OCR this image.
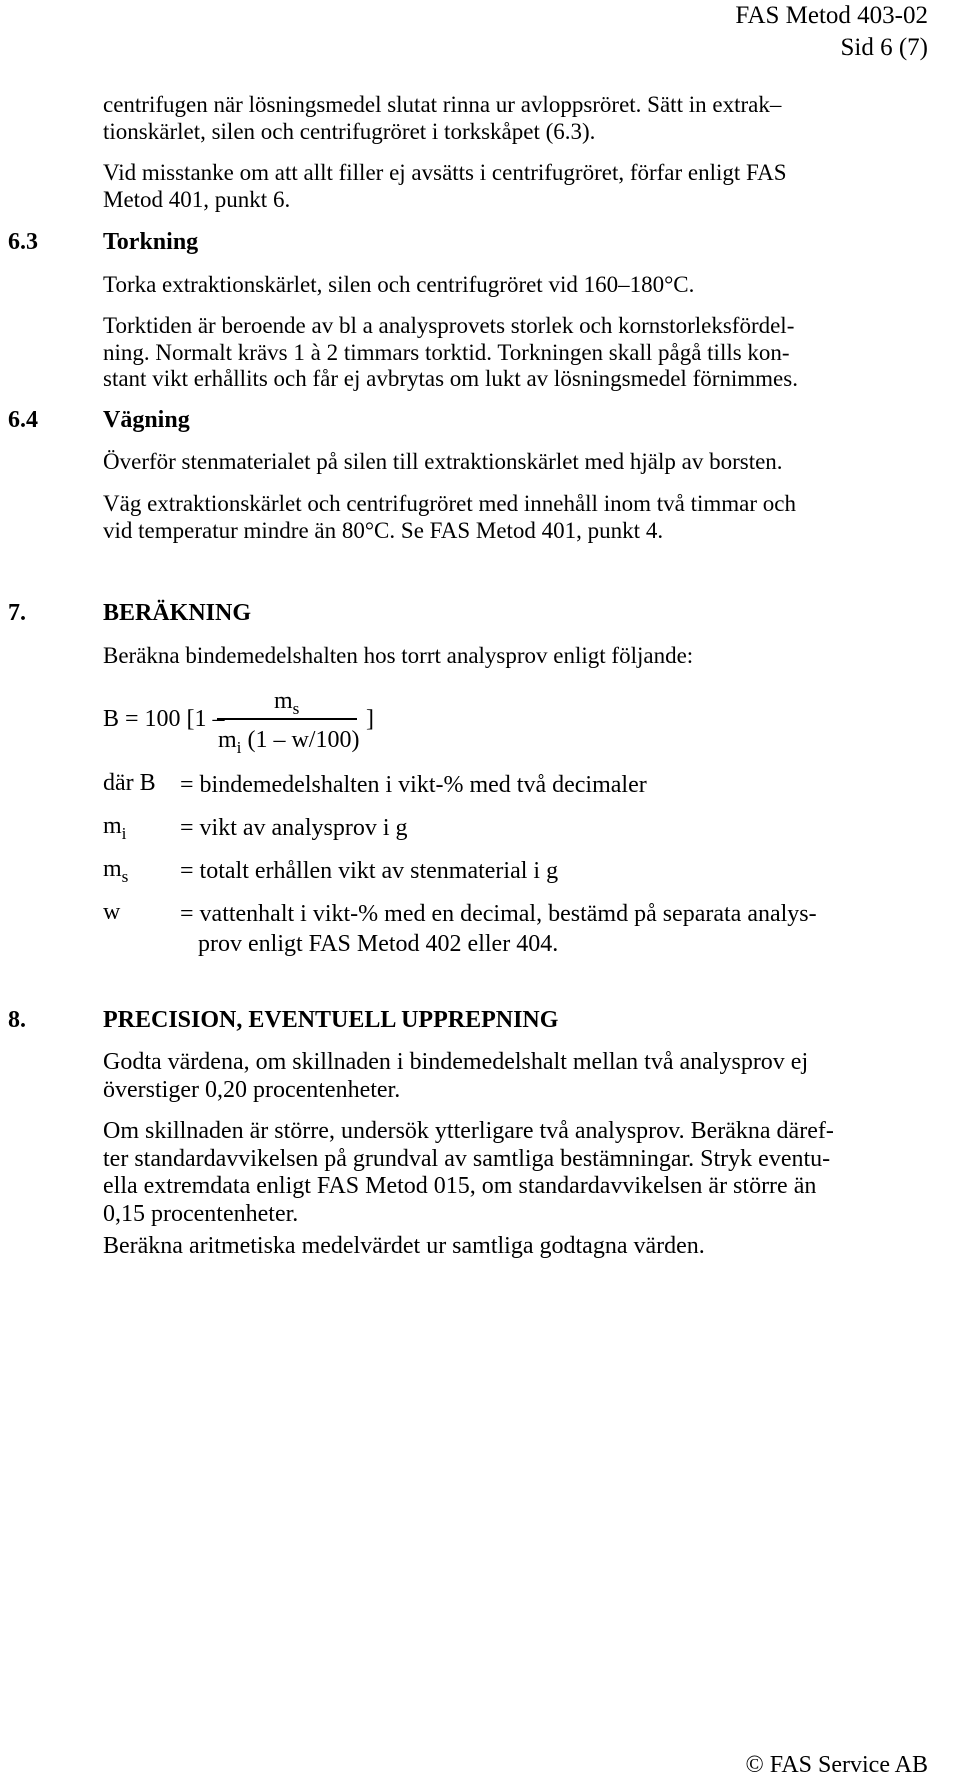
FAS Metod 403-02
Sid 6 (7)
centrifugen när lösningsmedel slutat rinna ur avloppsröret. Sätt in extrak–
tionskärlet, silen och centrifugröret i torkskåpet (6.3).
Vid misstanke om att allt filler ej avsätts i centrifugröret, förfar enligt FAS
Metod 401, punkt 6.
6.3	Torkning
Torka extraktionskärlet, silen och centrifugröret vid 160–180°C.
Torktiden är beroende av bl a analysprovets storlek och kornstorleksfördel-
ning. Normalt krävs 1 à 2 timmars torktid. Torkningen skall pågå tills kon-
stant vikt erhållits och får ej avbrytas om lukt av lösningsmedel förnimmes.
6.4	Vägning
Överför stenmaterialet på silen till extraktionskärlet med hjälp av borsten.
Väg extraktionskärlet och centrifugröret med innehåll inom två timmar och
vid temperatur mindre än 80°C. Se FAS Metod 401, punkt 4.
7.	BERÄKNING
Beräkna bindemedelshalten hos torrt analysprov enligt följande:
B = 100 [1 –
$m_s$	]
$m_i$ (1 – w/100)
där B = bindemedelshalten i vikt-% med två decimaler
$m_i$ = vikt av analysprov i g
$m_s$ = totalt erhållen vikt av stenmaterial i g
w = vattenhalt i vikt-% med en decimal, bestämd på separata analys-
prov enligt FAS Metod 402 eller 404.
8.	PRECISION, EVENTUELL UPPREPNING
Godta värdena, om skillnaden i bindemedelshalt mellan två analysprov ej
överstiger 0,20 procentenheter.
Om skillnaden är större, undersök ytterligare två analysprov. Beräkna däref-
ter standardavvikelsen på grundval av samtliga bestämningar. Stryk eventu-
ella extremdata enligt FAS Metod 015, om standardavvikelsen är större än
0,15 procentenheter.
Beräkna aritmetiska medelvärdet ur samtliga godtagna värden.
© FAS Service AB
